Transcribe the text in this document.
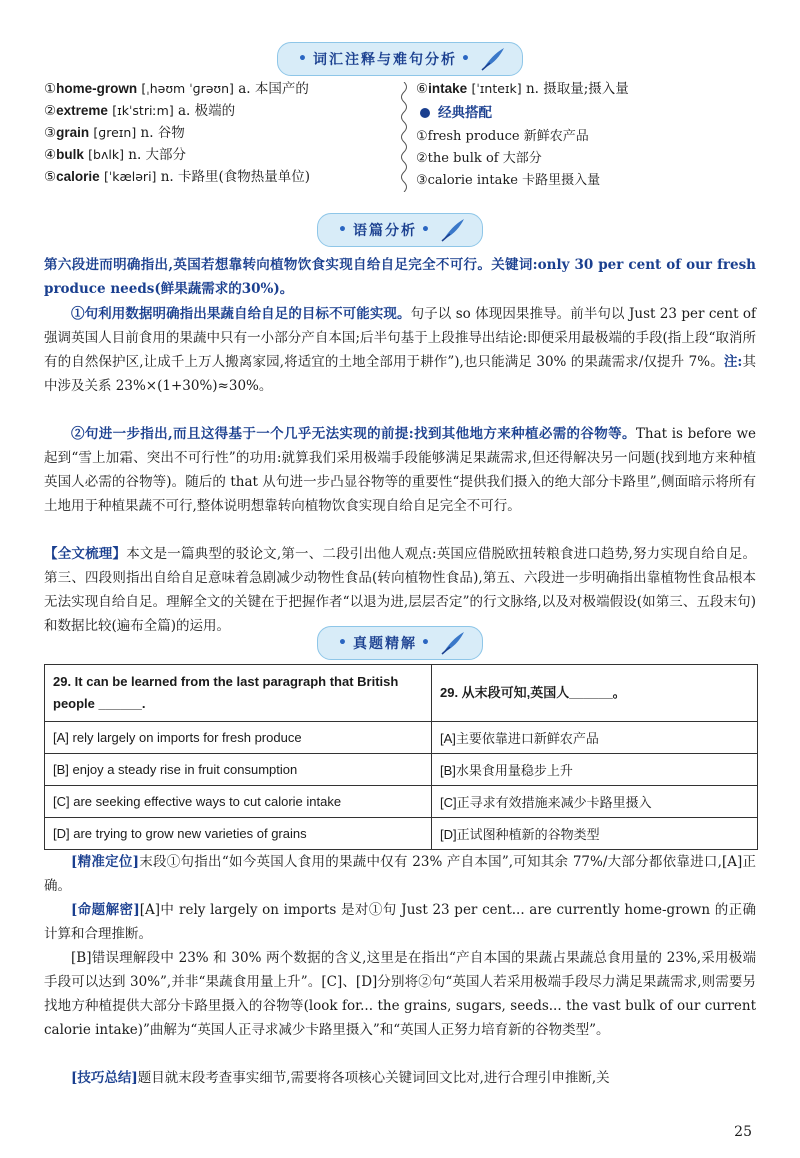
• 词汇注释与难句分析 •
①home-grown [ˌhəʊm ˈɡrəʊn] a. 本国产的
②extreme [ɪkˈstriːm] a. 极端的
③grain [ɡreɪn] n. 谷物
④bulk [bʌlk] n. 大部分
⑤calorie [ˈkæləri] n. 卡路里(食物热量单位)
⑥intake [ˈɪnteɪk] n. 摄取量;摄入量
经典搭配
①fresh produce 新鲜农产品
②the bulk of 大部分
③calorie intake 卡路里摄入量
• 语篇分析 •
第六段进而明确指出,英国若想靠转向植物饮食实现自给自足完全不可行。关键词:only 30 per cent of our fresh produce needs(鲜果蔬需求的30%)。
①句利用数据明确指出果蔬自给自足的目标不可能实现。句子以 so 体现因果推导。前半句以 Just 23 per cent of 强调英国人目前食用的果蔬中只有一小部分产自本国;后半句基于上段推导出结论:即便采用最极端的手段(指上段“取消所有的自然保护区,让成千上万人搬离家园,将适宜的土地全部用于耕作”),也只能满足 30% 的果蔬需求/仅提升 7%。注:其中涉及关系 23%×(1+30%)≈30%。
②句进一步指出,而且这得基于一个几乎无法实现的前提:找到其他地方来种植必需的谷物等。That is before we 起到“雪上加霜、突出不可行性”的功用:就算我们采用极端手段能够满足果蔬需求,但还得解决另一问题(找到地方来种植英国人必需的谷物等)。随后的 that 从句进一步凸显谷物等的重要性“提供我们摄入的绝大部分卡路里”,侧面暗示将所有土地用于种植果蔬不可行,整体说明想靠转向植物饮食实现自给自足完全不可行。
【全文梳理】本文是一篇典型的驳论文,第一、二段引出他人观点:英国应借脱欧扭转粮食进口趋势,努力实现自给自足。第三、四段则指出自给自足意味着急剧减少动物性食品(转向植物性食品),第五、六段进一步明确指出靠植物性食品根本无法实现自给自足。理解全文的关键在于把握作者“以退为进,层层否定”的行文脉络,以及对极端假设(如第三、五段末句)和数据比较(遍布全篇)的运用。
• 真题精解 •
29. It can be learned from the last paragraph that British people ______.	29. 从末段可知,英国人______。
[A] rely largely on imports for fresh produce	[A]主要依靠进口新鲜农产品
[B] enjoy a steady rise in fruit consumption	[B]水果食用量稳步上升
[C] are seeking effective ways to cut calorie intake	[C]正寻求有效措施来减少卡路里摄入
[D] are trying to grow new varieties of grains	[D]正试图种植新的谷物类型
[精准定位]末段①句指出“如今英国人食用的果蔬中仅有 23% 产自本国”,可知其余 77%/大部分都依靠进口,[A]正确。
[命题解密][A]中 rely largely on imports 是对①句 Just 23 per cent... are currently home-grown 的正确计算和合理推断。
[B]错误理解段中 23% 和 30% 两个数据的含义,这里是在指出“产自本国的果蔬占果蔬总食用量的 23%,采用极端手段可以达到 30%”,并非“果蔬食用量上升”。[C]、[D]分别将②句“英国人若采用极端手段尽力满足果蔬需求,则需要另找地方种植提供大部分卡路里摄入的谷物等(look for... the grains, sugars, seeds... the vast bulk of our current calorie intake)”曲解为“英国人正寻求减少卡路里摄入”和“英国人正努力培育新的谷物类型”。
[技巧总结]题目就末段考查事实细节,需要将各项核心关键词回文比对,进行合理引申推断,关
25
